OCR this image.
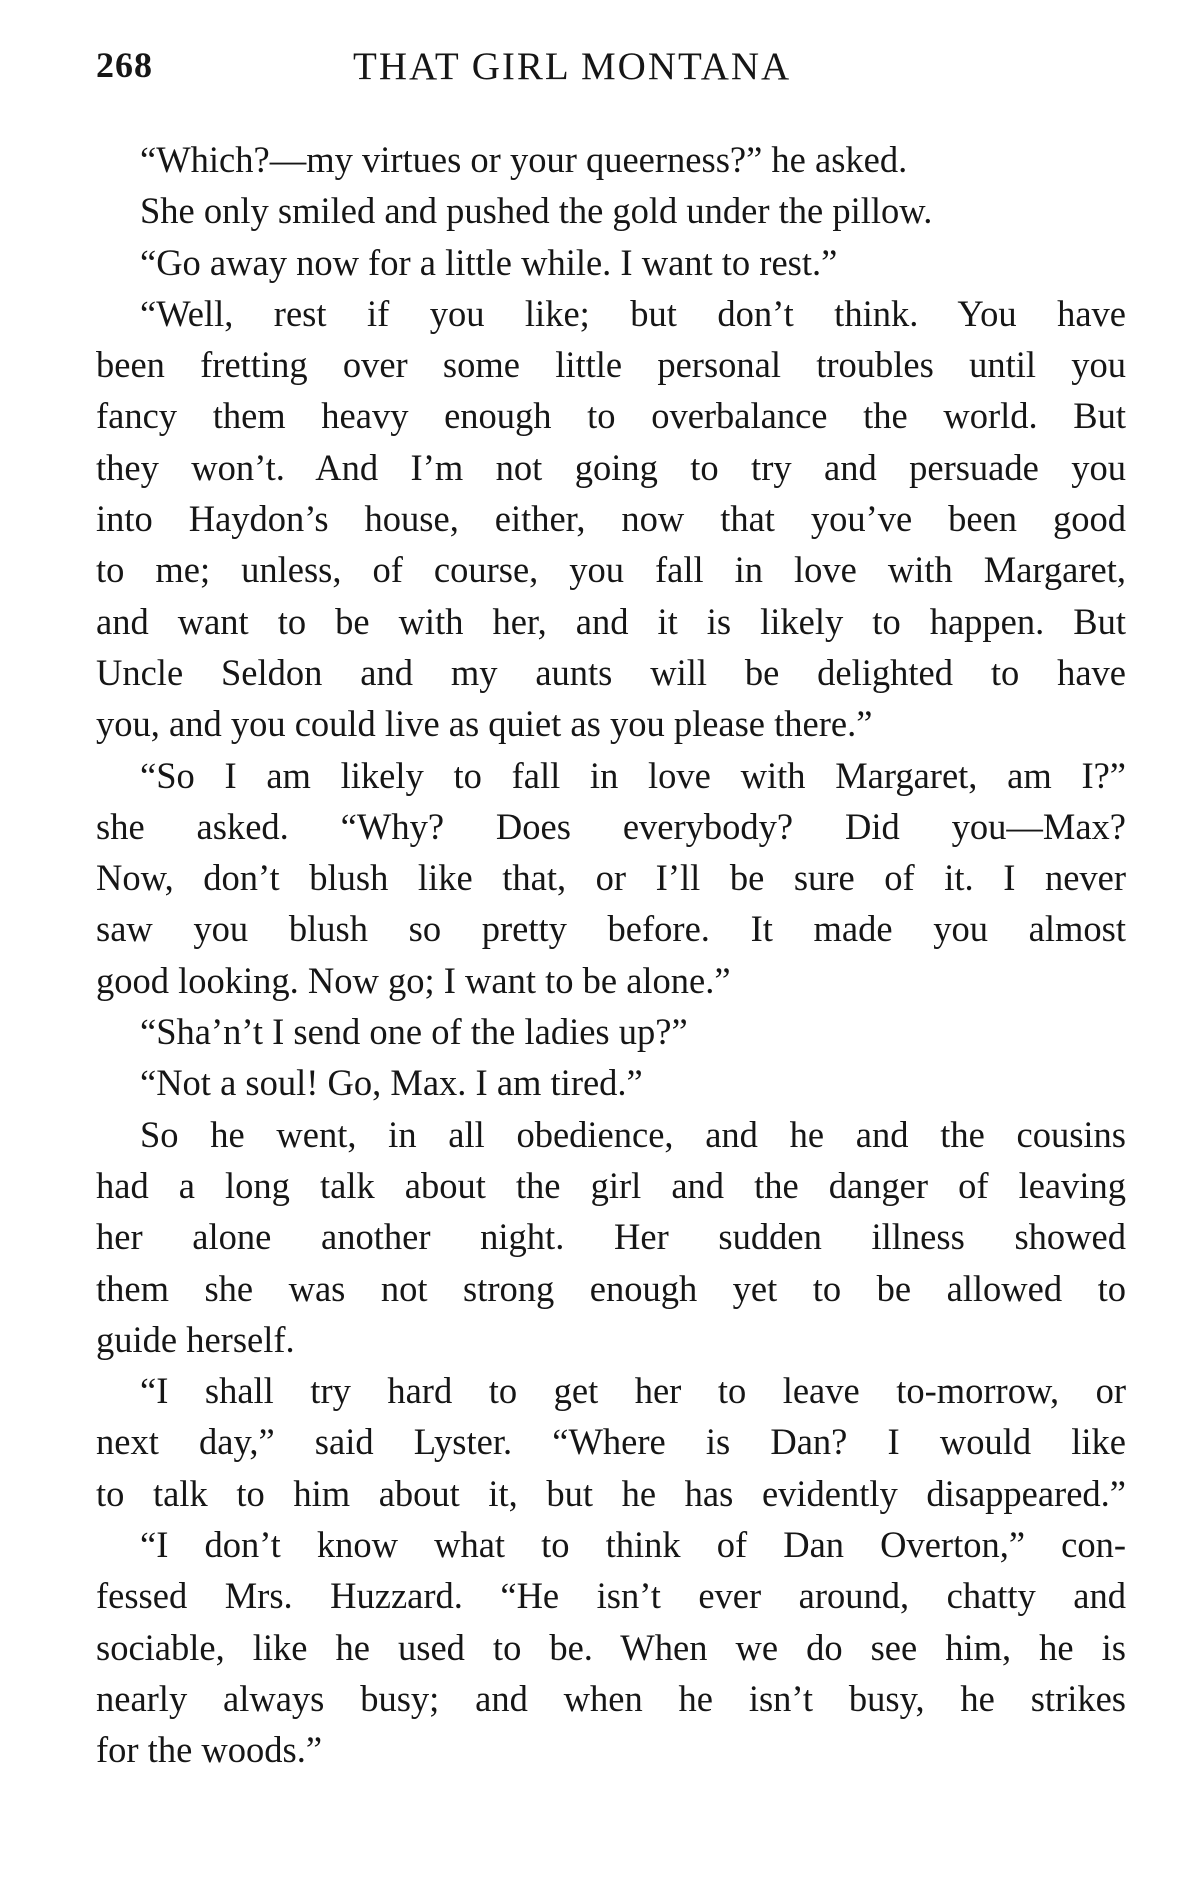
268	THAT GIRL MONTANA
“Which?—my virtues or your queerness?” he asked.
She only smiled and pushed the gold under the pillow.
“Go away now for a little while. I want to rest.”
“Well, rest if you like; but don’t think. You have
been fretting over some little personal troubles until you
fancy them heavy enough to overbalance the world. But
they won’t. And I’m not going to try and persuade you
into Haydon’s house, either, now that you’ve been good
to me; unless, of course, you fall in love with Margaret,
and want to be with her, and it is likely to happen. But
Uncle Seldon and my aunts will be delighted to have
you, and you could live as quiet as you please there.”
“So I am likely to fall in love with Margaret, am I?”
she asked. “Why? Does everybody? Did you—Max?
Now, don’t blush like that, or I’ll be sure of it. I never
saw you blush so pretty before. It made you almost
good looking. Now go; I want to be alone.”
“Sha’n’t I send one of the ladies up?”
“Not a soul! Go, Max. I am tired.”
So he went, in all obedience, and he and the cousins
had a long talk about the girl and the danger of leaving
her alone another night. Her sudden illness showed
them she was not strong enough yet to be allowed to
guide herself.
“I shall try hard to get her to leave to-morrow, or
next day,” said Lyster. “Where is Dan? I would like
to talk to him about it, but he has evidently disappeared.”
“I don’t know what to think of Dan Overton,” con-
fessed Mrs. Huzzard. “He isn’t ever around, chatty and
sociable, like he used to be. When we do see him, he is
nearly always busy; and when he isn’t busy, he strikes
for the woods.”
